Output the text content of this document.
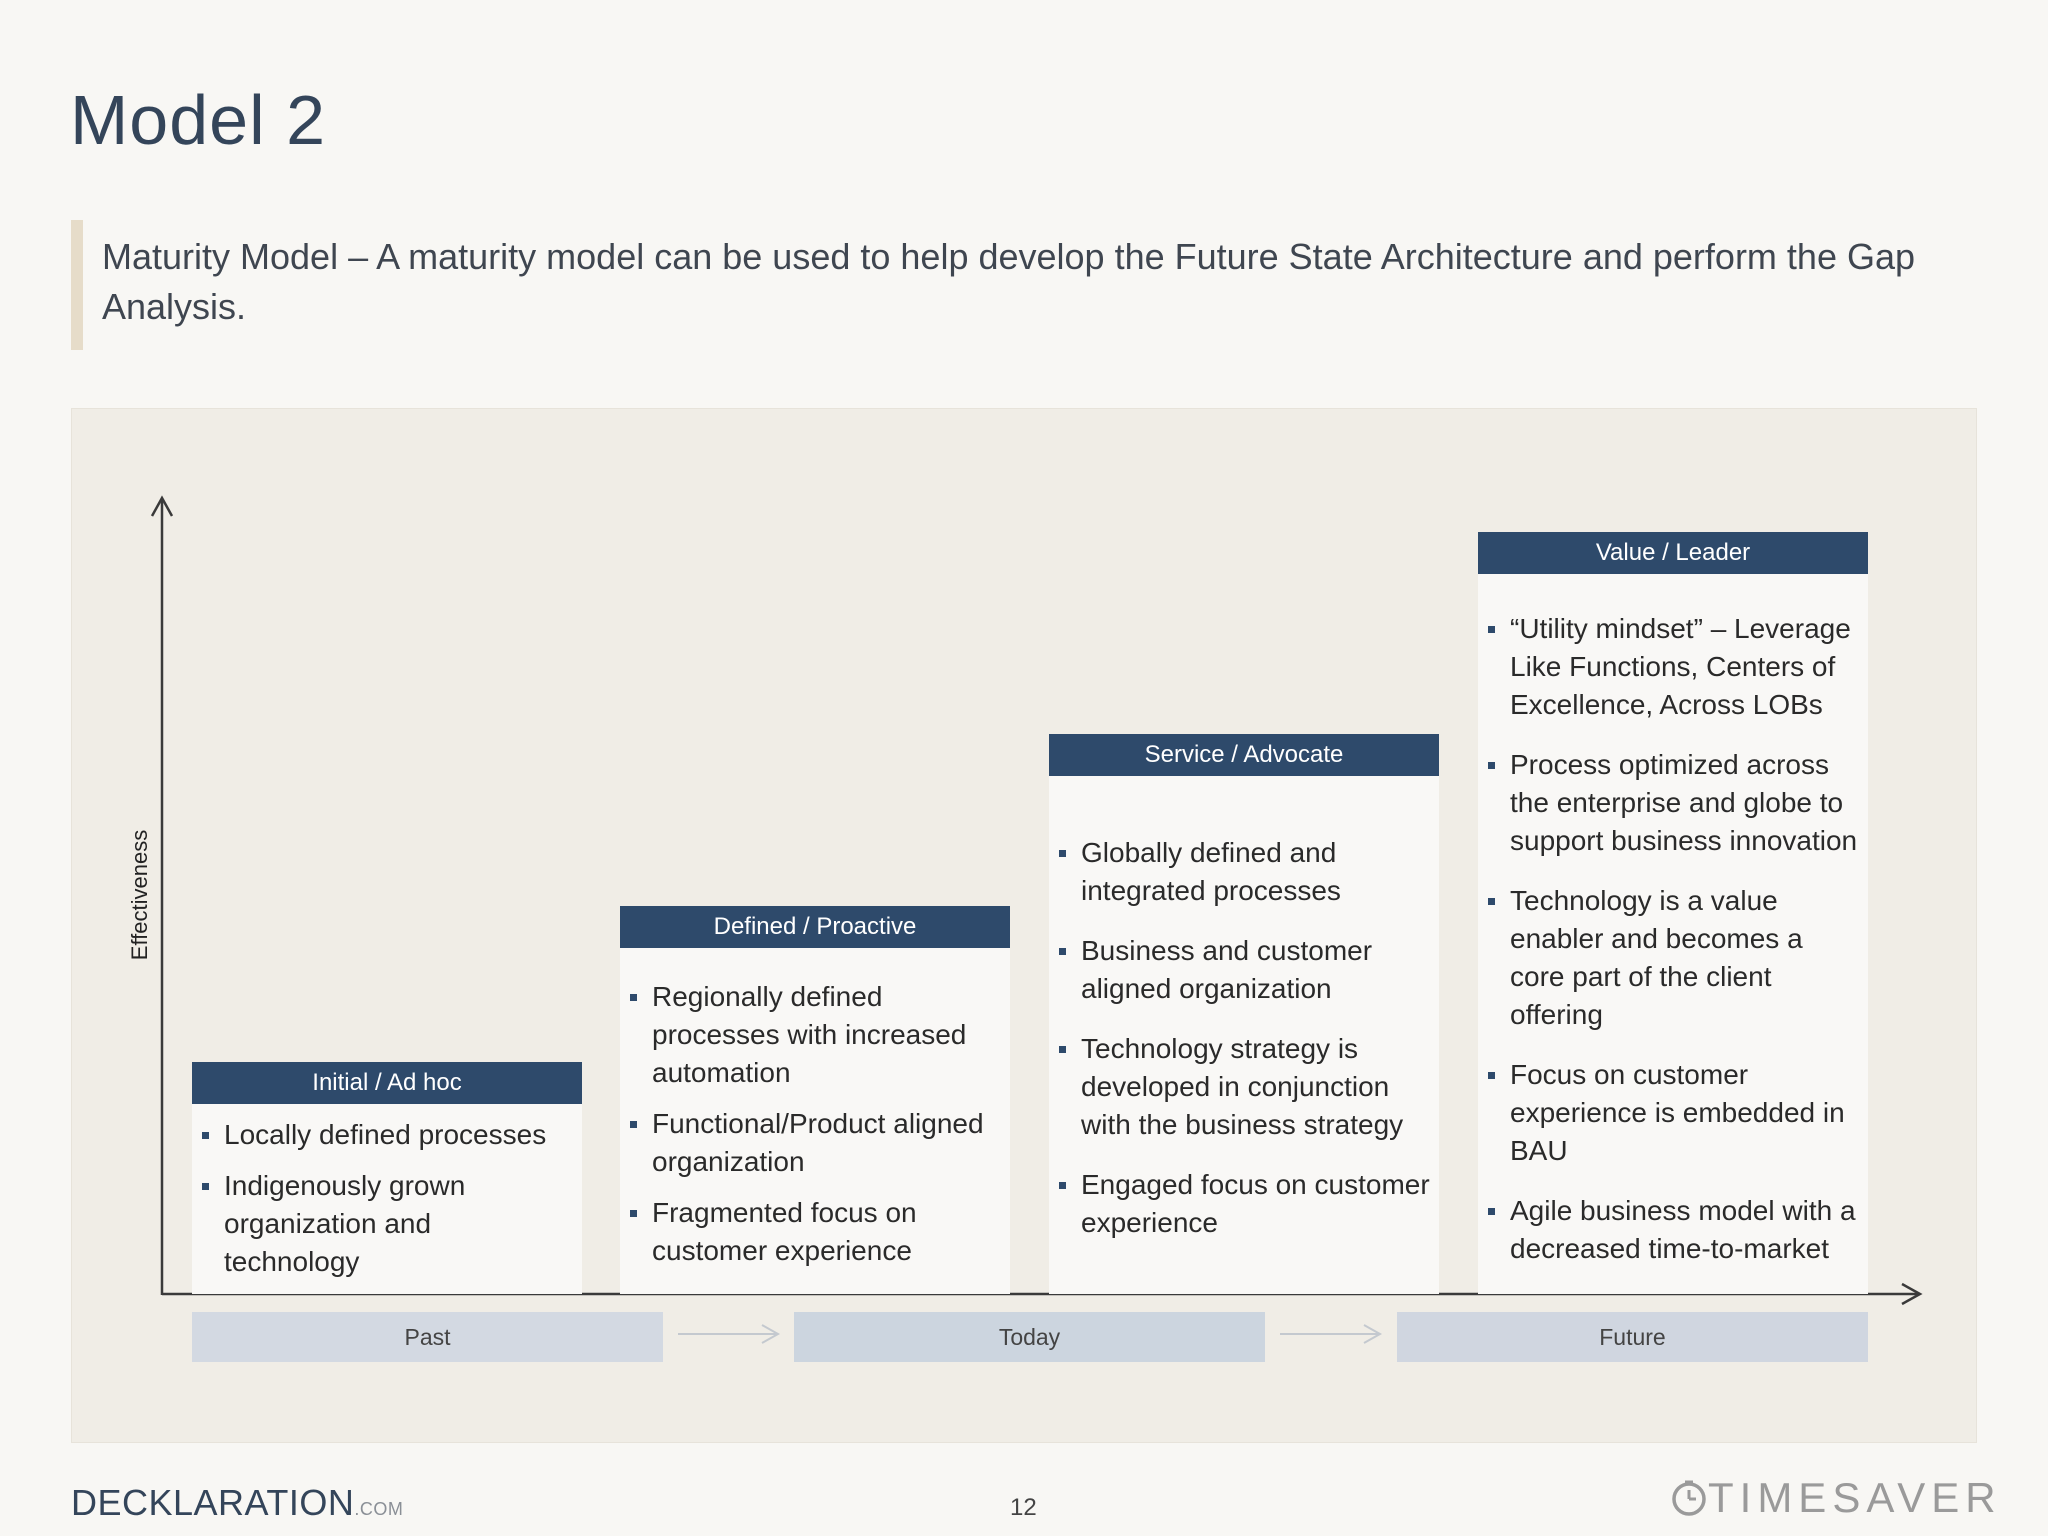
Model 2
Maturity Model – A maturity model can be used to help develop the Future State Architecture and perform the Gap Analysis.
Effectiveness
Initial / Ad hoc
Locally defined processes
Indigenously grown organization and technology
Defined / Proactive
Regionally defined processes with increased automation
Functional/Product aligned organization
Fragmented focus on customer experience
Service / Advocate
Globally defined and integrated processes
Business and customer aligned organization
Technology strategy is developed in conjunction with the business strategy
Engaged focus on customer experience
Value / Leader
“Utility mindset” – Leverage Like Functions, Centers of Excellence, Across LOBs
Process optimized across the enterprise and globe to support business innovation
Technology is a value enabler and becomes a core part of the client offering
Focus on customer experience is embedded in BAU
Agile business model with a decreased time-to-market
Past	Today	Future
DECKLARATION.COM	12	TIMESAVER
